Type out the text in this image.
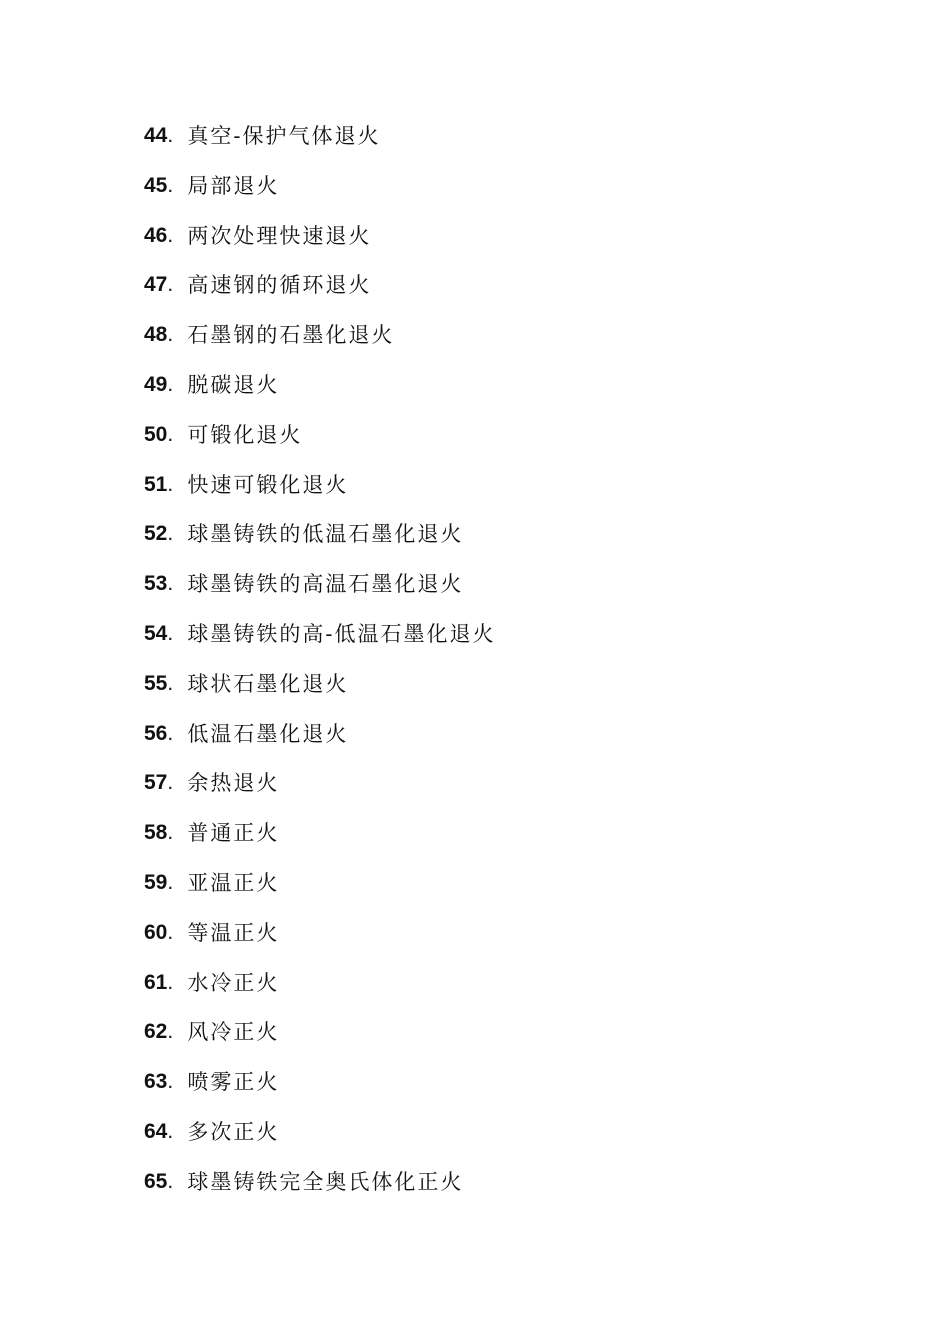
44. 真空-保护气体退火
45. 局部退火
46. 两次处理快速退火
47. 高速钢的循环退火
48. 石墨钢的石墨化退火
49. 脱碳退火
50. 可锻化退火
51. 快速可锻化退火
52. 球墨铸铁的低温石墨化退火
53. 球墨铸铁的高温石墨化退火
54. 球墨铸铁的高-低温石墨化退火
55. 球状石墨化退火
56. 低温石墨化退火
57. 余热退火
58. 普通正火
59. 亚温正火
60. 等温正火
61. 水冷正火
62. 风冷正火
63. 喷雾正火
64. 多次正火
65. 球墨铸铁完全奥氏体化正火
